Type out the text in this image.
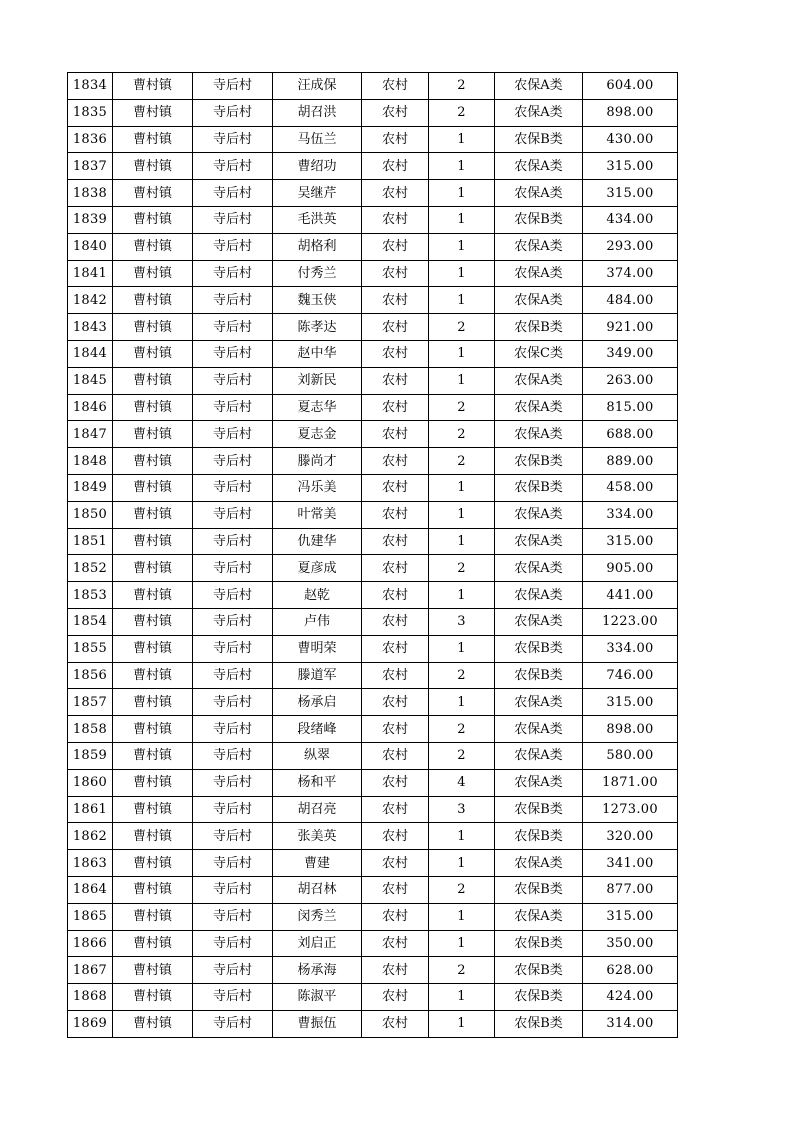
1834	曹村镇	寺后村	汪成保	农村	2	农保A类	604.00
1835	曹村镇	寺后村	胡召洪	农村	2	农保A类	898.00
1836	曹村镇	寺后村	马伍兰	农村	1	农保B类	430.00
1837	曹村镇	寺后村	曹绍功	农村	1	农保A类	315.00
1838	曹村镇	寺后村	吴继芹	农村	1	农保A类	315.00
1839	曹村镇	寺后村	毛洪英	农村	1	农保B类	434.00
1840	曹村镇	寺后村	胡格利	农村	1	农保A类	293.00
1841	曹村镇	寺后村	付秀兰	农村	1	农保A类	374.00
1842	曹村镇	寺后村	魏玉侠	农村	1	农保A类	484.00
1843	曹村镇	寺后村	陈孝达	农村	2	农保B类	921.00
1844	曹村镇	寺后村	赵中华	农村	1	农保C类	349.00
1845	曹村镇	寺后村	刘新民	农村	1	农保A类	263.00
1846	曹村镇	寺后村	夏志华	农村	2	农保A类	815.00
1847	曹村镇	寺后村	夏志金	农村	2	农保A类	688.00
1848	曹村镇	寺后村	滕尚才	农村	2	农保B类	889.00
1849	曹村镇	寺后村	冯乐美	农村	1	农保B类	458.00
1850	曹村镇	寺后村	叶常美	农村	1	农保A类	334.00
1851	曹村镇	寺后村	仇建华	农村	1	农保A类	315.00
1852	曹村镇	寺后村	夏彦成	农村	2	农保A类	905.00
1853	曹村镇	寺后村	赵乾	农村	1	农保A类	441.00
1854	曹村镇	寺后村	卢伟	农村	3	农保A类	1223.00
1855	曹村镇	寺后村	曹明荣	农村	1	农保B类	334.00
1856	曹村镇	寺后村	滕道军	农村	2	农保B类	746.00
1857	曹村镇	寺后村	杨承启	农村	1	农保A类	315.00
1858	曹村镇	寺后村	段绪峰	农村	2	农保A类	898.00
1859	曹村镇	寺后村	纵翠	农村	2	农保A类	580.00
1860	曹村镇	寺后村	杨和平	农村	4	农保A类	1871.00
1861	曹村镇	寺后村	胡召亮	农村	3	农保B类	1273.00
1862	曹村镇	寺后村	张美英	农村	1	农保B类	320.00
1863	曹村镇	寺后村	曹建	农村	1	农保A类	341.00
1864	曹村镇	寺后村	胡召林	农村	2	农保B类	877.00
1865	曹村镇	寺后村	闵秀兰	农村	1	农保A类	315.00
1866	曹村镇	寺后村	刘启正	农村	1	农保B类	350.00
1867	曹村镇	寺后村	杨承海	农村	2	农保B类	628.00
1868	曹村镇	寺后村	陈淑平	农村	1	农保B类	424.00
1869	曹村镇	寺后村	曹振伍	农村	1	农保B类	314.00
